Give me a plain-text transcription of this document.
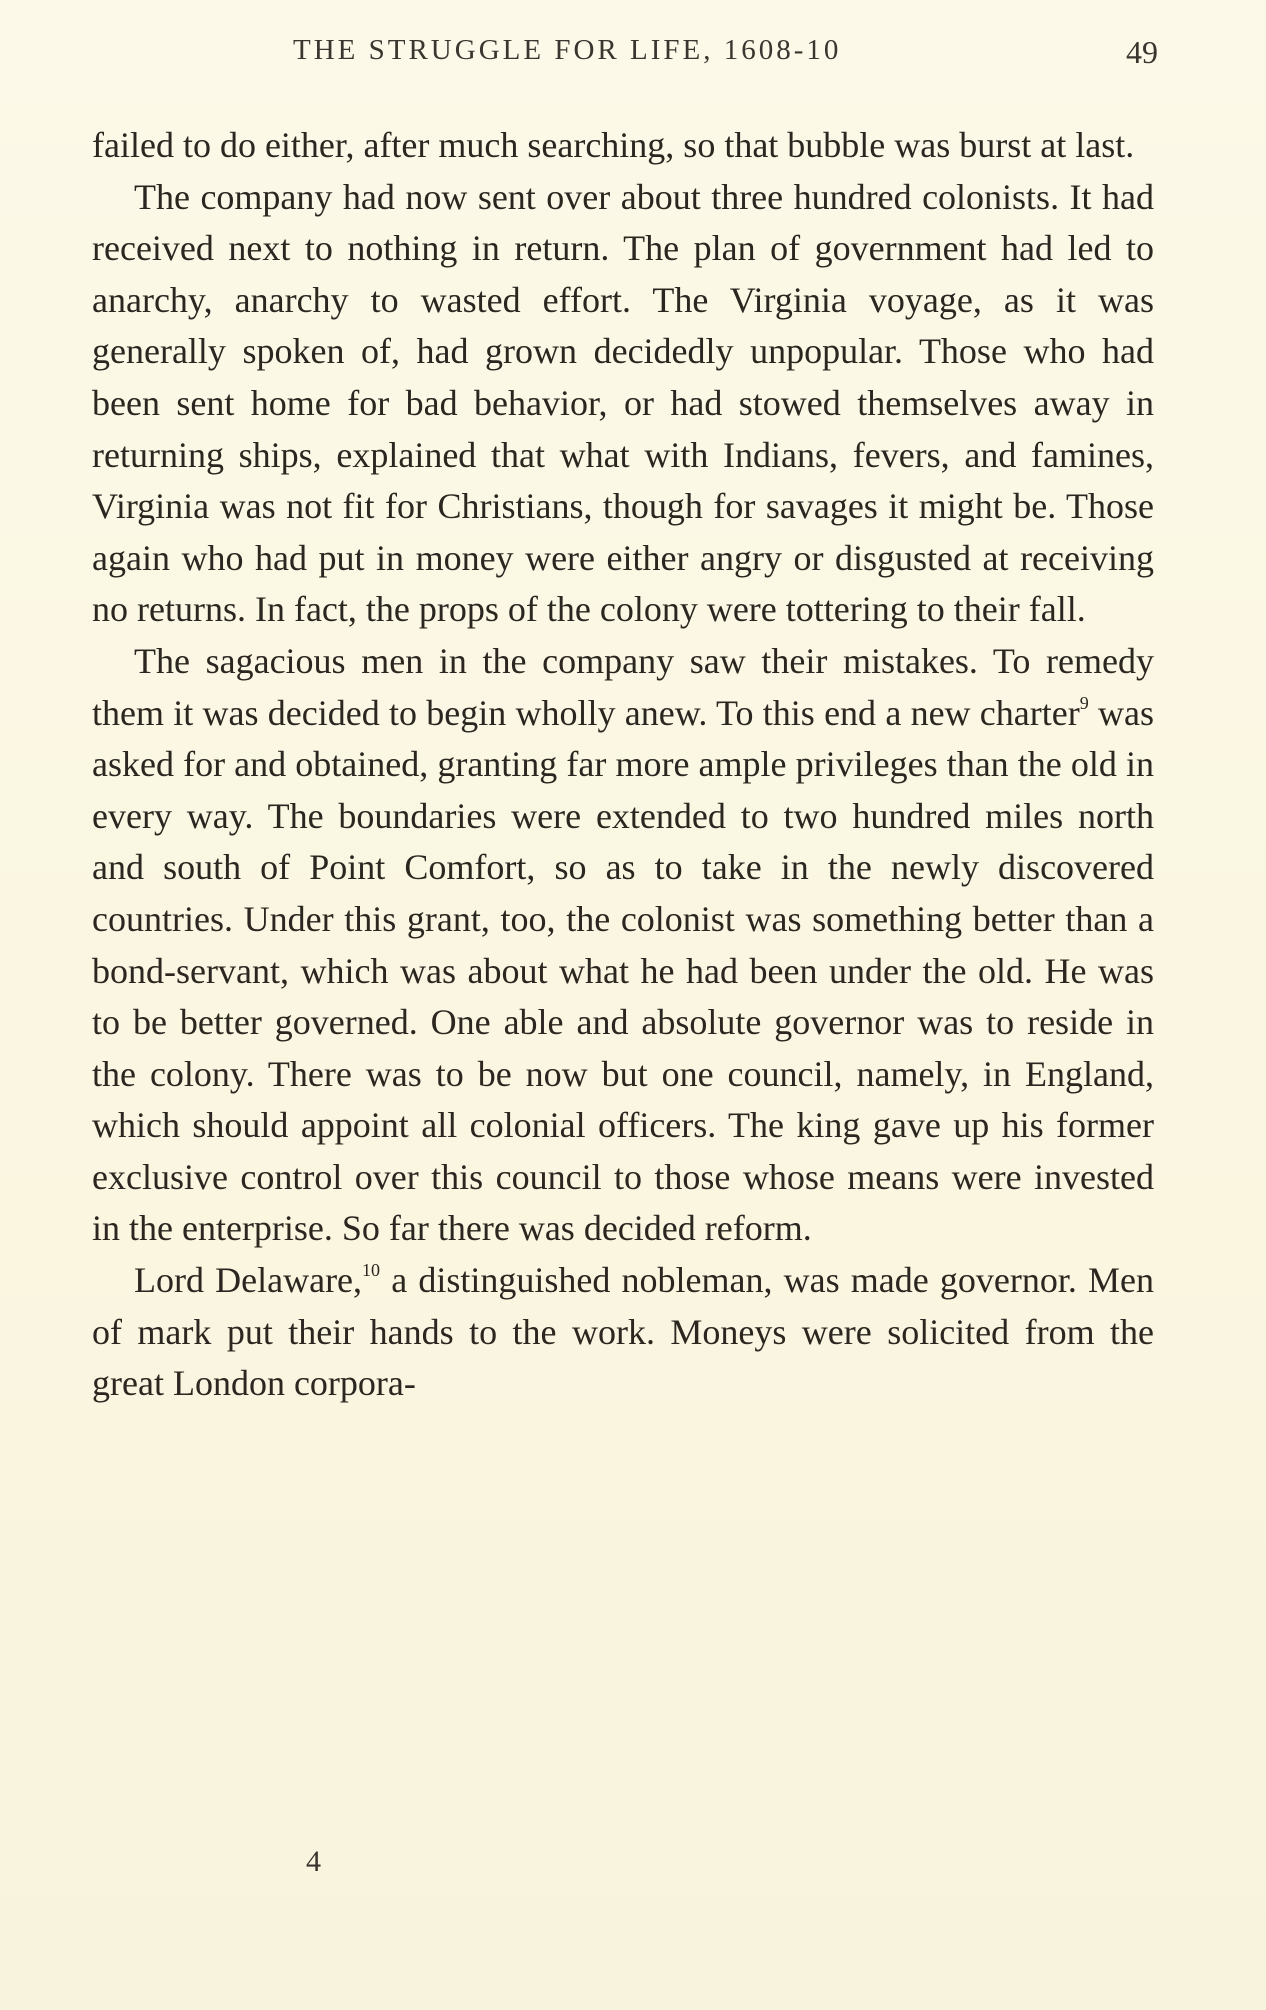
THE STRUGGLE FOR LIFE, 1608-10	49

failed to do either, after much searching, so that bubble was burst at last.

The company had now sent over about three hundred colonists. It had received next to nothing in return. The plan of government had led to anarchy, anarchy to wasted effort. The Virginia voyage, as it was generally spoken of, had grown decidedly unpopular. Those who had been sent home for bad behavior, or had stowed themselves away in returning ships, explained that what with Indians, fevers, and famines, Virginia was not fit for Christians, though for savages it might be. Those again who had put in money were either angry or disgusted at receiving no returns. In fact, the props of the colony were tottering to their fall.

The sagacious men in the company saw their mistakes. To remedy them it was decided to begin wholly anew. To this end a new charter$^9$ was asked for and obtained, granting far more ample privileges than the old in every way. The boundaries were extended to two hundred miles north and south of Point Comfort, so as to take in the newly discovered countries. Under this grant, too, the colonist was something better than a bond-servant, which was about what he had been under the old. He was to be better governed. One able and absolute governor was to reside in the colony. There was to be now but one council, namely, in England, which should appoint all colonial officers. The king gave up his former exclusive control over this council to those whose means were invested in the enterprise. So far there was decided reform.

Lord Delaware,$^{10}$ a distinguished nobleman, was made governor. Men of mark put their hands to the work. Moneys were solicited from the great London corpora-

4
